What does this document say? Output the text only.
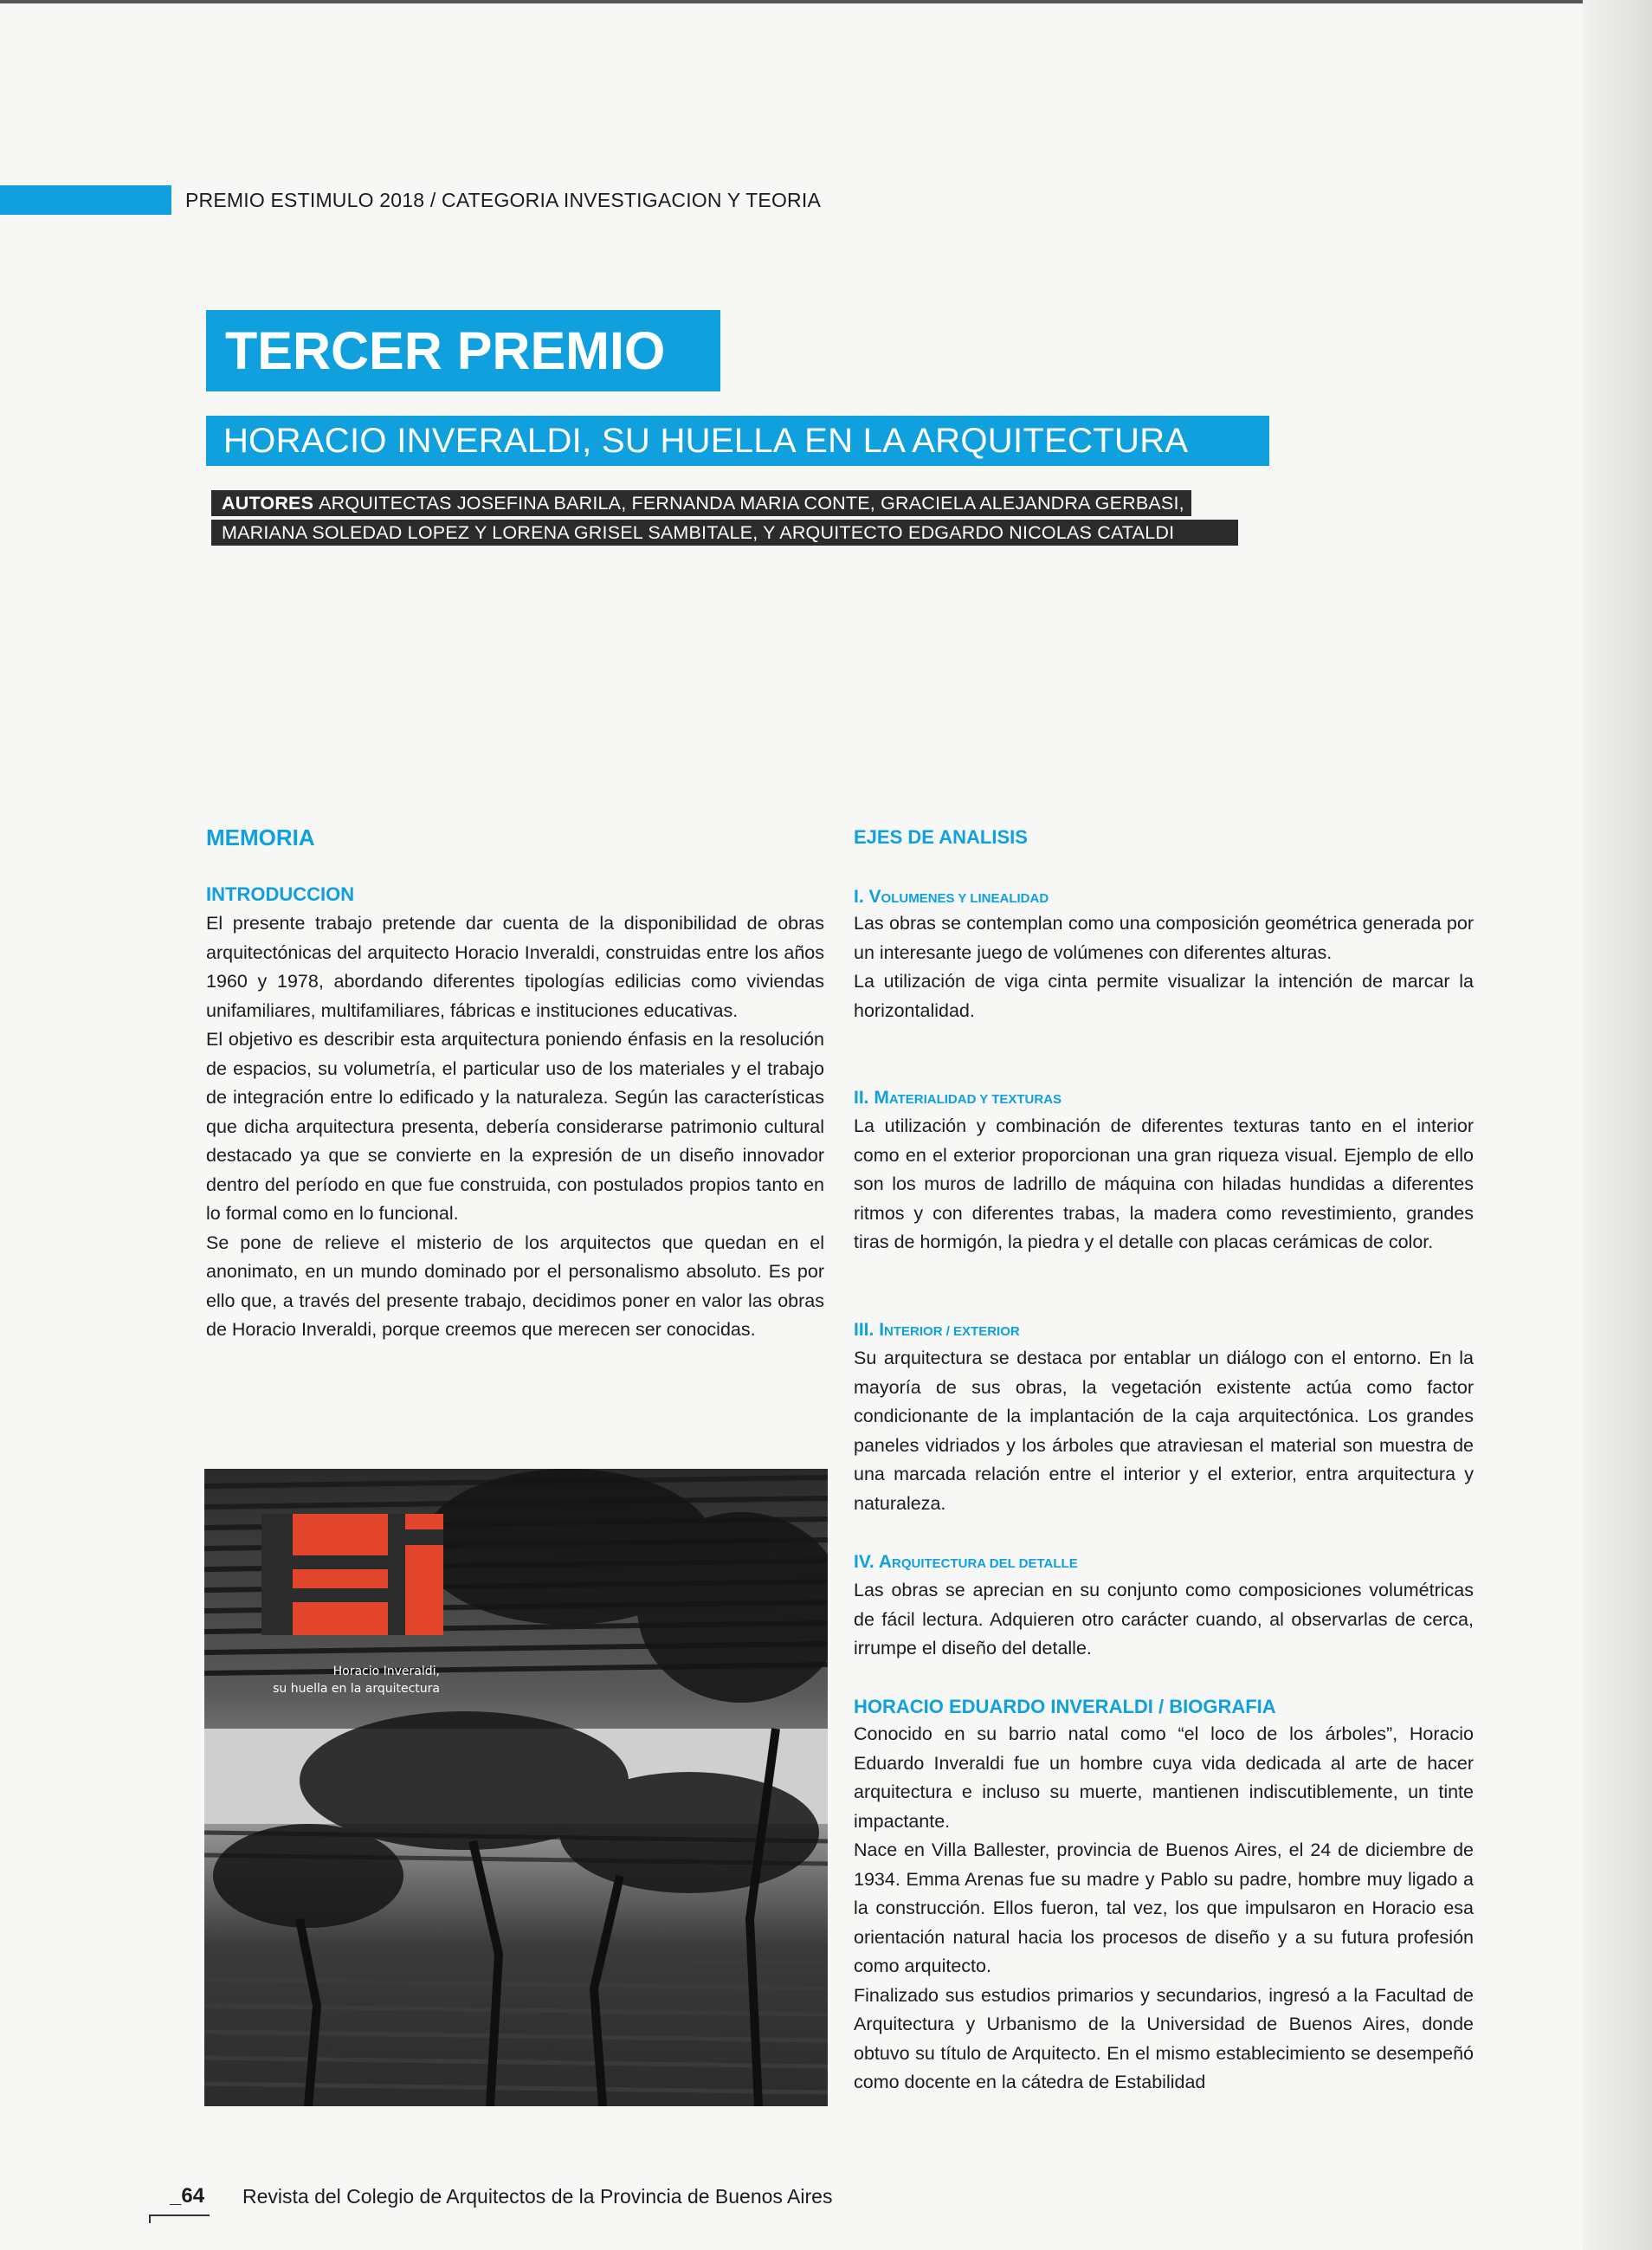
PREMIO ESTIMULO 2018 / CATEGORIA INVESTIGACION Y TEORIA
TERCER PREMIO
HORACIO INVERALDI, SU HUELLA EN LA ARQUITECTURA
AUTORES ARQUITECTAS JOSEFINA BARILA, FERNANDA MARIA CONTE, GRACIELA ALEJANDRA GERBASI,
MARIANA SOLEDAD LOPEZ Y LORENA GRISEL SAMBITALE, Y ARQUITECTO EDGARDO NICOLAS CATALDI
MEMORIA
INTRODUCCION

El presente trabajo pretende dar cuenta de la disponibilidad de obras arquitectónicas del arquitecto Horacio Inveraldi, construidas entre los años 1960 y 1978, abordando diferentes tipologías edilicias como viviendas unifamiliares, multifamiliares, fábricas e instituciones educativas.

El objetivo es describir esta arquitectura poniendo énfasis en la resolución de espacios, su volumetría, el particular uso de los materiales y el trabajo de integración entre lo edificado y la naturaleza. Según las características que dicha arquitectura presenta, debería considerarse patrimonio cultural destacado ya que se convierte en la expresión de un diseño innovador dentro del período en que fue construida, con postulados propios tanto en lo formal como en lo funcional.

Se pone de relieve el misterio de los arquitectos que quedan en el anonimato, en un mundo dominado por el personalismo absoluto. Es por ello que, a través del presente trabajo, decidimos poner en valor las obras de Horacio Inveraldi, porque creemos que merecen ser conocidas.

Horacio Inveraldi,
su huella en la arquitectura
EJES DE ANALISIS
I. VOLUMENES Y LINEALIDAD

Las obras se contemplan como una composición geométrica generada por un interesante juego de volúmenes con diferentes alturas.

La utilización de viga cinta permite visualizar la intención de marcar la horizontalidad.

II. MATERIALIDAD Y TEXTURAS

La utilización y combinación de diferentes texturas tanto en el interior como en el exterior proporcionan una gran riqueza visual. Ejemplo de ello son los muros de ladrillo de máquina con hiladas hundidas a diferentes ritmos y con diferentes trabas, la madera como revestimiento, grandes tiras de hormigón, la piedra y el detalle con placas cerámicas de color.

III. INTERIOR / EXTERIOR

Su arquitectura se destaca por entablar un diálogo con el entorno. En la mayoría de sus obras, la vegetación existente actúa como factor condicionante de la implantación de la caja arquitectónica. Los grandes paneles vidriados y los árboles que atraviesan el material son muestra de una marcada relación entre el interior y el exterior, entra arquitectura y naturaleza.

IV. ARQUITECTURA DEL DETALLE

Las obras se aprecian en su conjunto como composiciones volumétricas de fácil lectura. Adquieren otro carácter cuando, al observarlas de cerca, irrumpe el diseño del detalle.

HORACIO EDUARDO INVERALDI / BIOGRAFIA

Conocido en su barrio natal como “el loco de los árboles”, Horacio Eduardo Inveraldi fue un hombre cuya vida dedicada al arte de hacer arquitectura e incluso su muerte, mantienen indiscutiblemente, un tinte impactante.

Nace en Villa Ballester, provincia de Buenos Aires, el 24 de diciembre de 1934. Emma Arenas fue su madre y Pablo su padre, hombre muy ligado a la construcción. Ellos fueron, tal vez, los que impulsaron en Horacio esa orientación natural hacia los procesos de diseño y a su futura profesión como arquitecto.

Finalizado sus estudios primarios y secundarios, ingresó a la Facultad de Arquitectura y Urbanismo de la Universidad de Buenos Aires, donde obtuvo su título de Arquitecto. En el mismo establecimiento se desempeñó como docente en la cátedra de Estabilidad

_64 Revista del Colegio de Arquitectos de la Provincia de Buenos Aires
